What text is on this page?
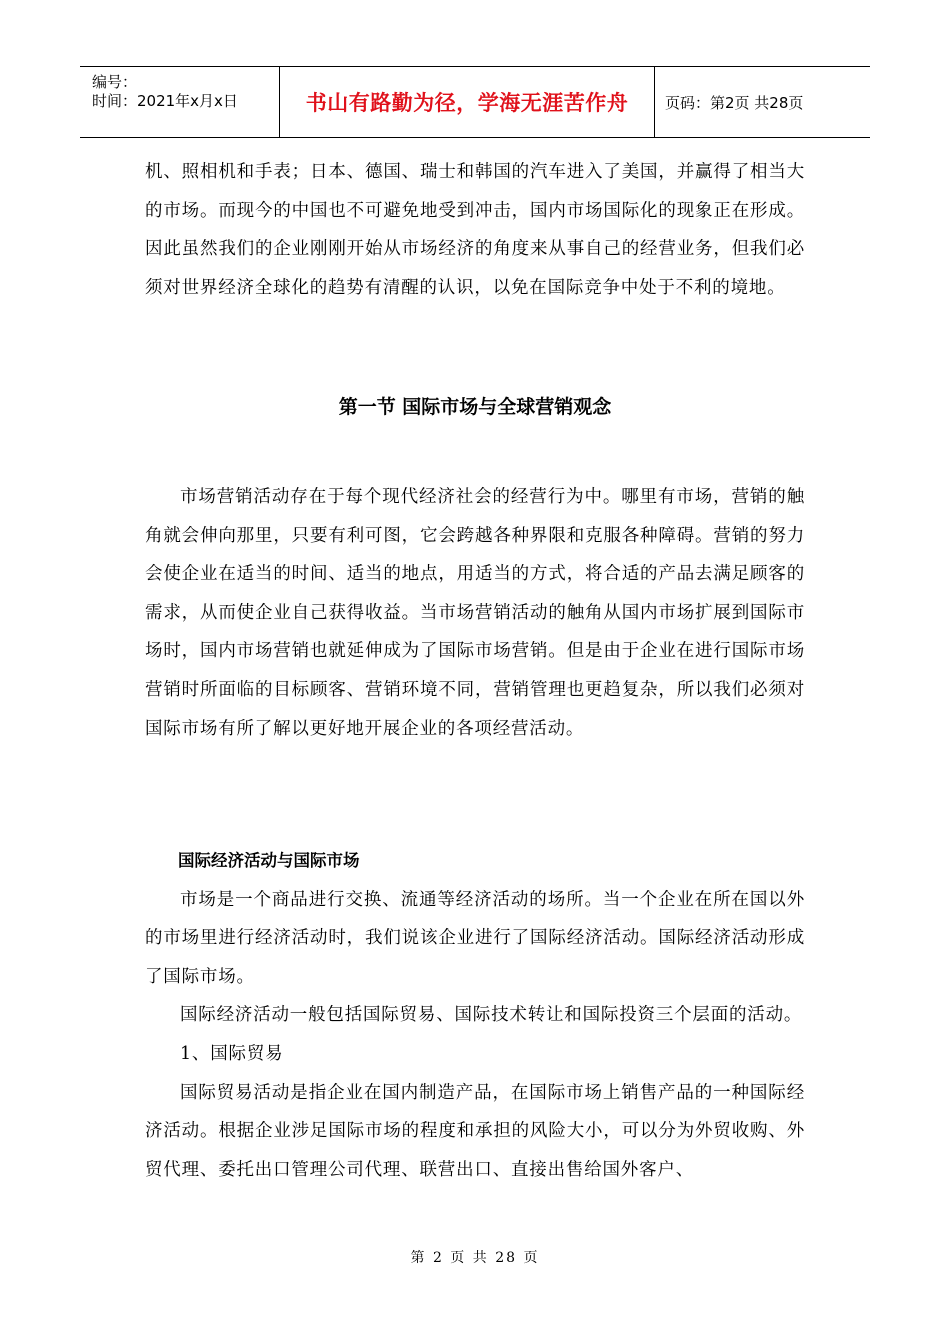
编号：
时间：2021年x月x日	书山有路勤为径，学海无涯苦作舟	页码：第2页 共28页

机、照相机和手表；日本、德国、瑞士和韩国的汽车进入了美国，并赢得了相当大的市场。而现今的中国也不可避免地受到冲击，国内市场国际化的现象正在形成。因此虽然我们的企业刚刚开始从市场经济的角度来从事自己的经营业务，但我们必须对世界经济全球化的趋势有清醒的认识，以免在国际竞争中处于不利的境地。

第一节 国际市场与全球营销观念

市场营销活动存在于每个现代经济社会的经营行为中。哪里有市场，营销的触角就会伸向那里，只要有利可图，它会跨越各种界限和克服各种障碍。营销的努力会使企业在适当的时间、适当的地点，用适当的方式，将合适的产品去满足顾客的需求，从而使企业自己获得收益。当市场营销活动的触角从国内市场扩展到国际市场时，国内市场营销也就延伸成为了国际市场营销。但是由于企业在进行国际市场营销时所面临的目标顾客、营销环境不同，营销管理也更趋复杂，所以我们必须对国际市场有所了解以更好地开展企业的各项经营活动。

国际经济活动与国际市场

市场是一个商品进行交换、流通等经济活动的场所。当一个企业在所在国以外的市场里进行经济活动时，我们说该企业进行了国际经济活动。国际经济活动形成了国际市场。

国际经济活动一般包括国际贸易、国际技术转让和国际投资三个层面的活动。

1、国际贸易

国际贸易活动是指企业在国内制造产品，在国际市场上销售产品的一种国际经济活动。根据企业涉足国际市场的程度和承担的风险大小，可以分为外贸收购、外贸代理、委托出口管理公司代理、联营出口、直接出售给国外客户、

第 2 页 共 28 页
